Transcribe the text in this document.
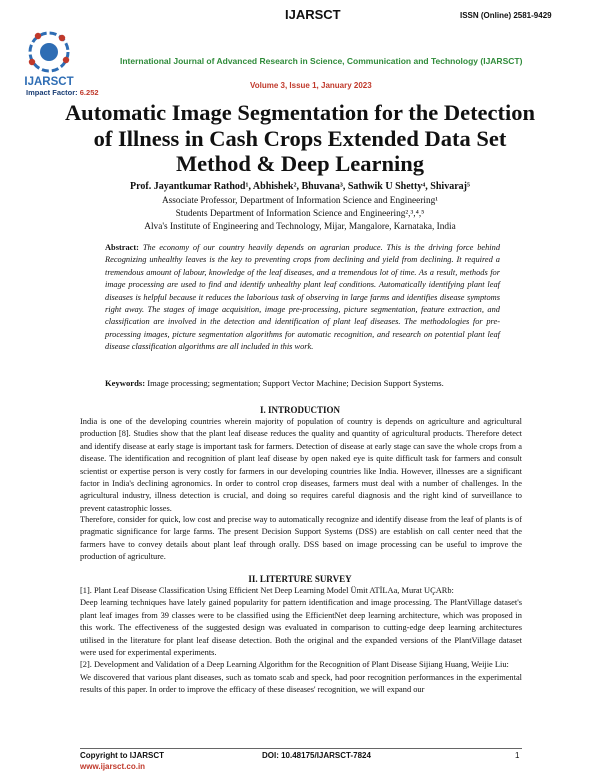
IJARSCT
IJARSCT	ISSN (Online) 2581-9429
International Journal of Advanced Research in Science, Communication and Technology (IJARSCT)
Impact Factor: 6.252
Volume 3, Issue 1, January 2023
Automatic Image Segmentation for the Detection of Illness in Cash Crops Extended Data Set Method & Deep Learning
Prof. Jayantkumar Rathod¹, Abhishek², Bhuvana³, Sathwik U Shetty⁴, Shivaraj⁵
Associate Professor, Department of Information Science and Engineering¹
Students Department of Information Science and Engineering²,³,⁴,⁵
Alva's Institute of Engineering and Technology, Mijar, Mangalore, Karnataka, India
Abstract: The economy of our country heavily depends on agrarian produce. This is the driving force behind Recognizing unhealthy leaves is the key to preventing crops from declining and yield from declining. It required a tremendous amount of labour, knowledge of the leaf diseases, and a tremendous lot of time. As a result, methods for image processing are used to find and identify unhealthy plant leaf conditions. Automatically identifying plant leaf diseases is helpful because it reduces the laborious task of observing in large farms and identifies disease symptoms right away. The stages of image acquisition, image pre-processing, picture segmentation, feature extraction, and classification are involved in the detection and identification of plant leaf diseases. The methodologies for pre-processing images, picture segmentation algorithms for automatic recognition, and research on potential plant leaf disease classification algorithms are all included in this work.
Keywords: Image processing; segmentation; Support Vector Machine; Decision Support Systems.
I. INTRODUCTION
India is one of the developing countries wherein majority of population of country is depends on agriculture and agricultural production [8]. Studies show that the plant leaf disease reduces the quality and quantity of agricultural products. Therefore detect and identify disease at early stage is important task for farmers. Detection of disease at early stage can save the whole crops from a disease. The identification and recognition of plant leaf disease by open naked eye is quite difficult task for farmers and consult scientist or expertise person is very costly for farmers in our developing countries like India. However, illnesses are a significant factor in India's declining agronomics. In order to control crop diseases, farmers must deal with a number of challenges. In the agricultural industry, illness detection is crucial, and doing so requires careful diagnosis and the right kind of surveillance to prevent catastrophic losses.
Therefore, consider for quick, low cost and precise way to automatically recognize and identify disease from the leaf of plants is of pragmatic significance for large farms. The present Decision Support Systems (DSS) are establish on call center need that the farmers have to convey details about plant leaf through orally. DSS based on image processing can be useful to improve the production of agriculture.
II. LITERTURE SURVEY

[1]. Plant Leaf Disease Classification Using Efficient Net Deep Learning Model Ümit ATİLAa, Murat UÇARb:

Deep learning techniques have lately gained popularity for pattern identification and image processing. The PlantVillage dataset's plant leaf images from 39 classes were to be classified using the EfficientNet deep learning architecture, which was proposed in this work. The effectiveness of the suggested design was evaluated in comparison to cutting-edge deep learning architectures utilised in the literature for plant leaf disease detection. Both the original and the expanded versions of the PlantVillage dataset were used for experimental experiments.

[2]. Development and Validation of a Deep Learning Algorithm for the Recognition of Plant Disease Sijiang Huang, Weijie Liu:

We discovered that various plant diseases, such as tomato scab and speck, had poor recognition performances in the experimental results of this paper. In order to improve the efficacy of these diseases' recognition, we will expand our

Copyright to IJARSCT
www.ijarsct.co.in
DOI: 10.48175/IJARSCT-7824	1
